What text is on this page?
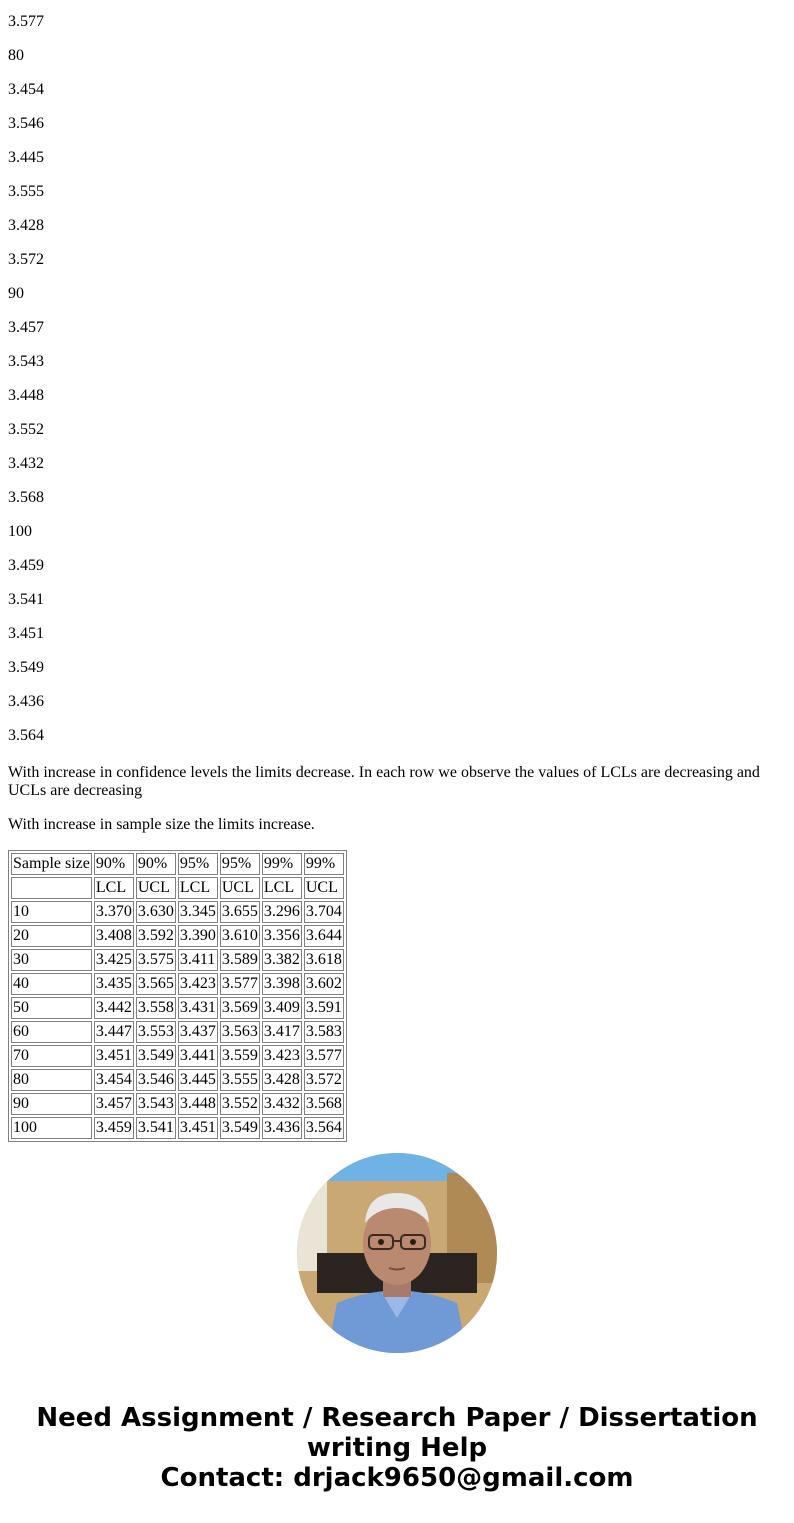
3.577

80

3.454

3.546

3.445

3.555

3.428

3.572

90

3.457

3.543

3.448

3.552

3.432

3.568

100

3.459

3.541

3.451

3.549

3.436

3.564

With increase in confidence levels the limits decrease. In each row we observe the values of LCLs are decreasing and UCLs are decreasing

With increase in sample size the limits increase.

Sample size	90%	90%	95%	95%	99%	99%
	LCL	UCL	LCL	UCL	LCL	UCL
10	3.370	3.630	3.345	3.655	3.296	3.704
20	3.408	3.592	3.390	3.610	3.356	3.644
30	3.425	3.575	3.411	3.589	3.382	3.618
40	3.435	3.565	3.423	3.577	3.398	3.602
50	3.442	3.558	3.431	3.569	3.409	3.591
60	3.447	3.553	3.437	3.563	3.417	3.583
70	3.451	3.549	3.441	3.559	3.423	3.577
80	3.454	3.546	3.445	3.555	3.428	3.572
90	3.457	3.543	3.448	3.552	3.432	3.568
100	3.459	3.541	3.451	3.549	3.436	3.564
Need Assignment / Research Paper / Dissertation
writing Help
Contact: drjack9650@gmail.com
